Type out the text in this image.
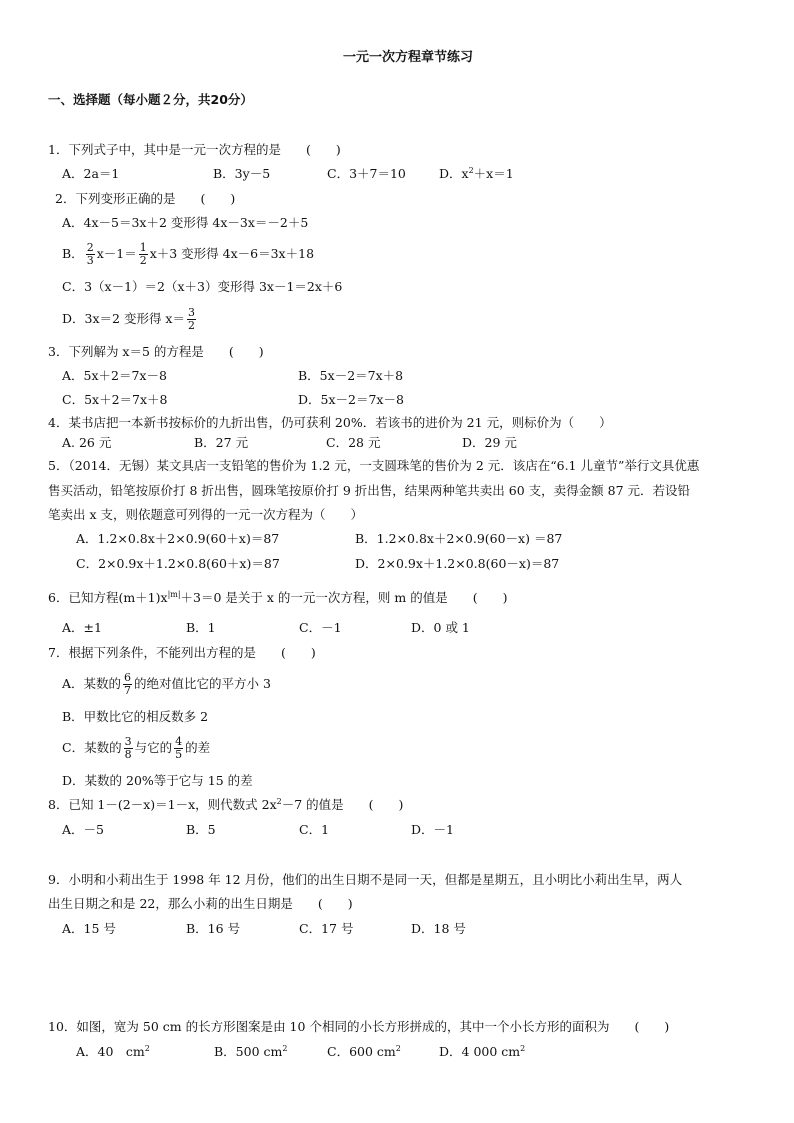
一元一次方程章节练习
一、选择题（每小题２分，共20分）
1．下列式子中，其中是一元一次方程的是　　(　　)
A．2a＝1	B．3y－5	C．3＋7＝10	D．$x^2+x=1$
2．下列变形正确的是　　(　　)
A．4x－5＝3x＋2 变形得 4x－3x＝－2＋5
B． $\frac{2}{3} x-1= \frac{1}{2} x+3$ 变形得 4x－6＝3x＋18
C．3（x－1）＝2（x＋3）变形得 3x－1＝2x＋6
D．3x＝2 变形得 $x= \frac{3}{2}$
3．下列解为 x＝5 的方程是　　(　　)
A．5x＋2＝7x－8	B．5x－2＝7x＋8
C．5x＋2＝7x＋8	D．5x－2＝7x－8
4．某书店把一本新书按标价的九折出售，仍可获利 20%．若该书的进价为 21 元，则标价为（　　）
A. 26 元	B．27 元	C．28 元	D．29 元
5．（2014．无锡）某文具店一支铅笔的售价为 1.2 元，一支圆珠笔的售价为 2 元．该店在“6.1 儿童节”举行文具优惠
售买活动，铅笔按原价打 8 折出售，圆珠笔按原价打 9 折出售，结果两种笔共卖出 60 支，卖得金额 87 元．若设铅
笔卖出 x 支，则依题意可列得的一元一次方程为（　　）
A．1.2×0.8x＋2×0.9(60＋x)＝87	B．1.2×0.8x＋2×0.9(60－x) ＝87
C．2×0.9x＋1.2×0.8(60＋x)＝87	D．2×0.9x＋1.2×0.8(60－x)＝87
6．已知方程$(m+1)x^{|m|}+3=0$ 是关于 x 的一元一次方程，则 m 的值是　　(　　)
A．±1	B．1	C．－1	D．0 或 1
7．根据下列条件，不能列出方程的是　　(　　)
A．某数的 $\frac{6}{7}$ 的绝对值比它的平方小 3
B．甲数比它的相反数多 2
C．某数的 $\frac{3}{8}$ 与它的 $\frac{4}{5}$ 的差
D．某数的 20%等于它与 15 的差
8．已知 1－(2－x)＝1－x，则代数式 $2x^2-7$ 的值是　　(　　)
A．－5	B．5	C．1	D．－1
9．小明和小莉出生于 1998 年 12 月份，他们的出生日期不是同一天，但都是星期五，且小明比小莉出生早，两人
出生日期之和是 22，那么小莉的出生日期是　　(　　)
A．15 号	B．16 号	C．17 号	D．18 号
10．如图，宽为 50 cm 的长方形图案是由 10 个相同的小长方形拼成的，其中一个小长方形的面积为　　(　　)
A．40　$cm^2$	B．500 $cm^2$	C．600 $cm^2$	D．4 000 $cm^2$
